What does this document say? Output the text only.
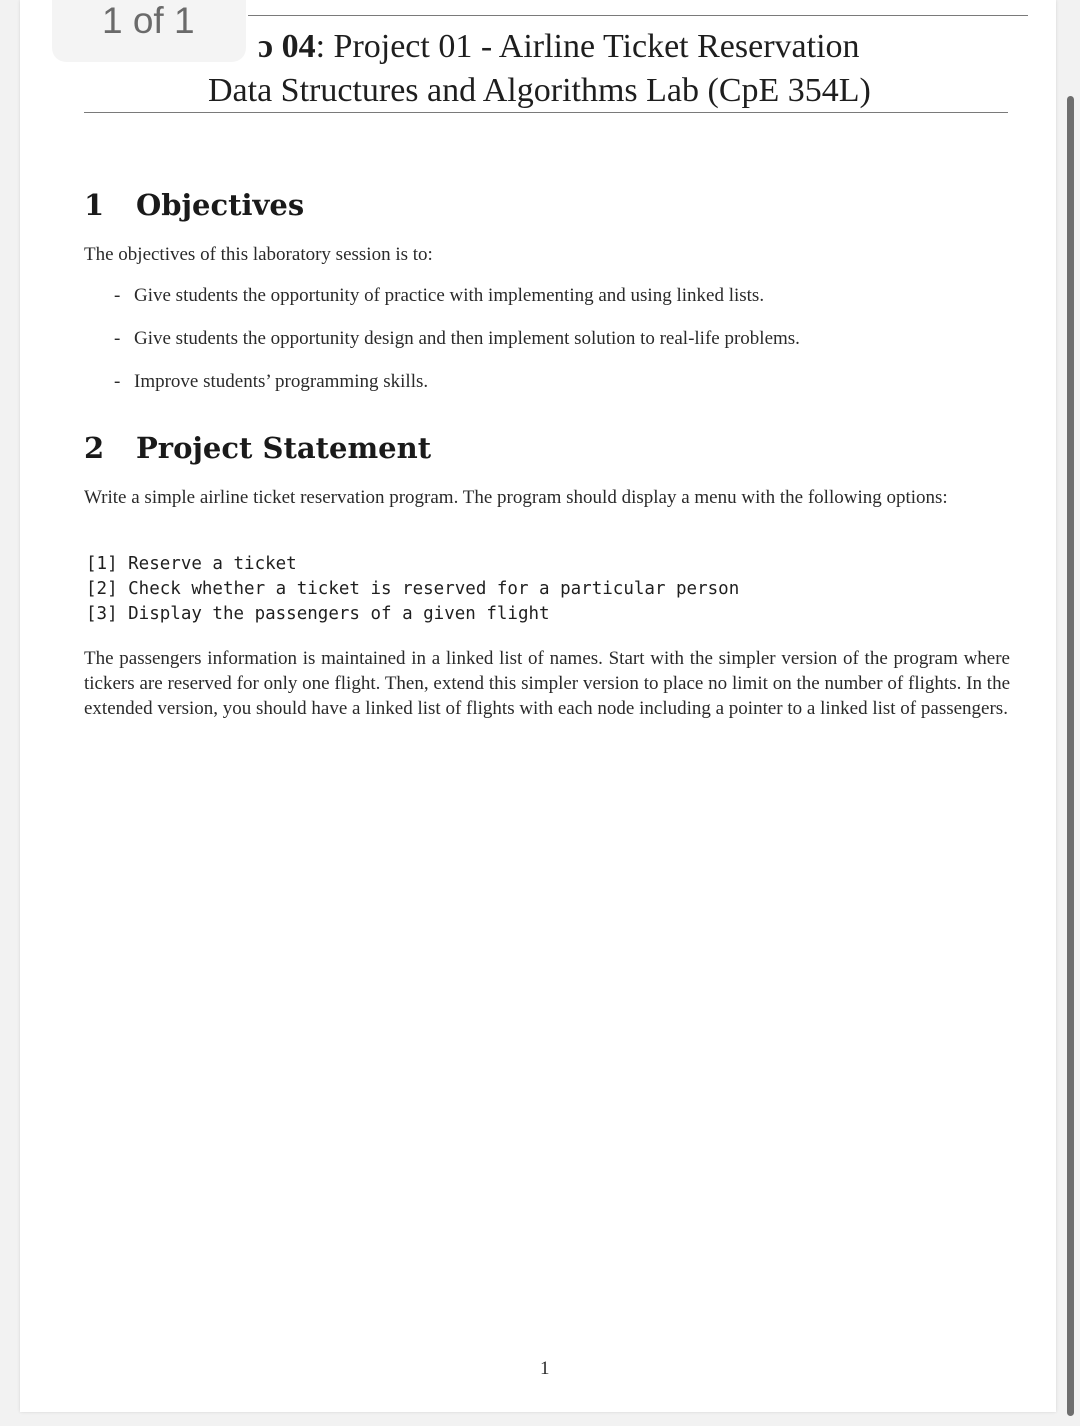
ɔ 04: Project 01 - Airline Ticket Reservation
Data Structures and Algorithms Lab (CpE 354L)
1 Objectives
The objectives of this laboratory session is to:
- Give students the opportunity of practice with implementing and using linked lists.
- Give students the opportunity design and then implement solution to real-life problems.
- Improve students’ programming skills.
2 Project Statement
Write a simple airline ticket reservation program. The program should display a menu with the following options:
[1] Reserve a ticket
[2] Check whether a ticket is reserved for a particular person
[3] Display the passengers of a given flight
The passengers information is maintained in a linked list of names. Start with the simpler version of the program where tickers are reserved for only one flight. Then, extend this simpler version to place no limit on the number of flights. In the extended version, you should have a linked list of flights with each node including a pointer to a linked list of passengers.
1
1 of 1
